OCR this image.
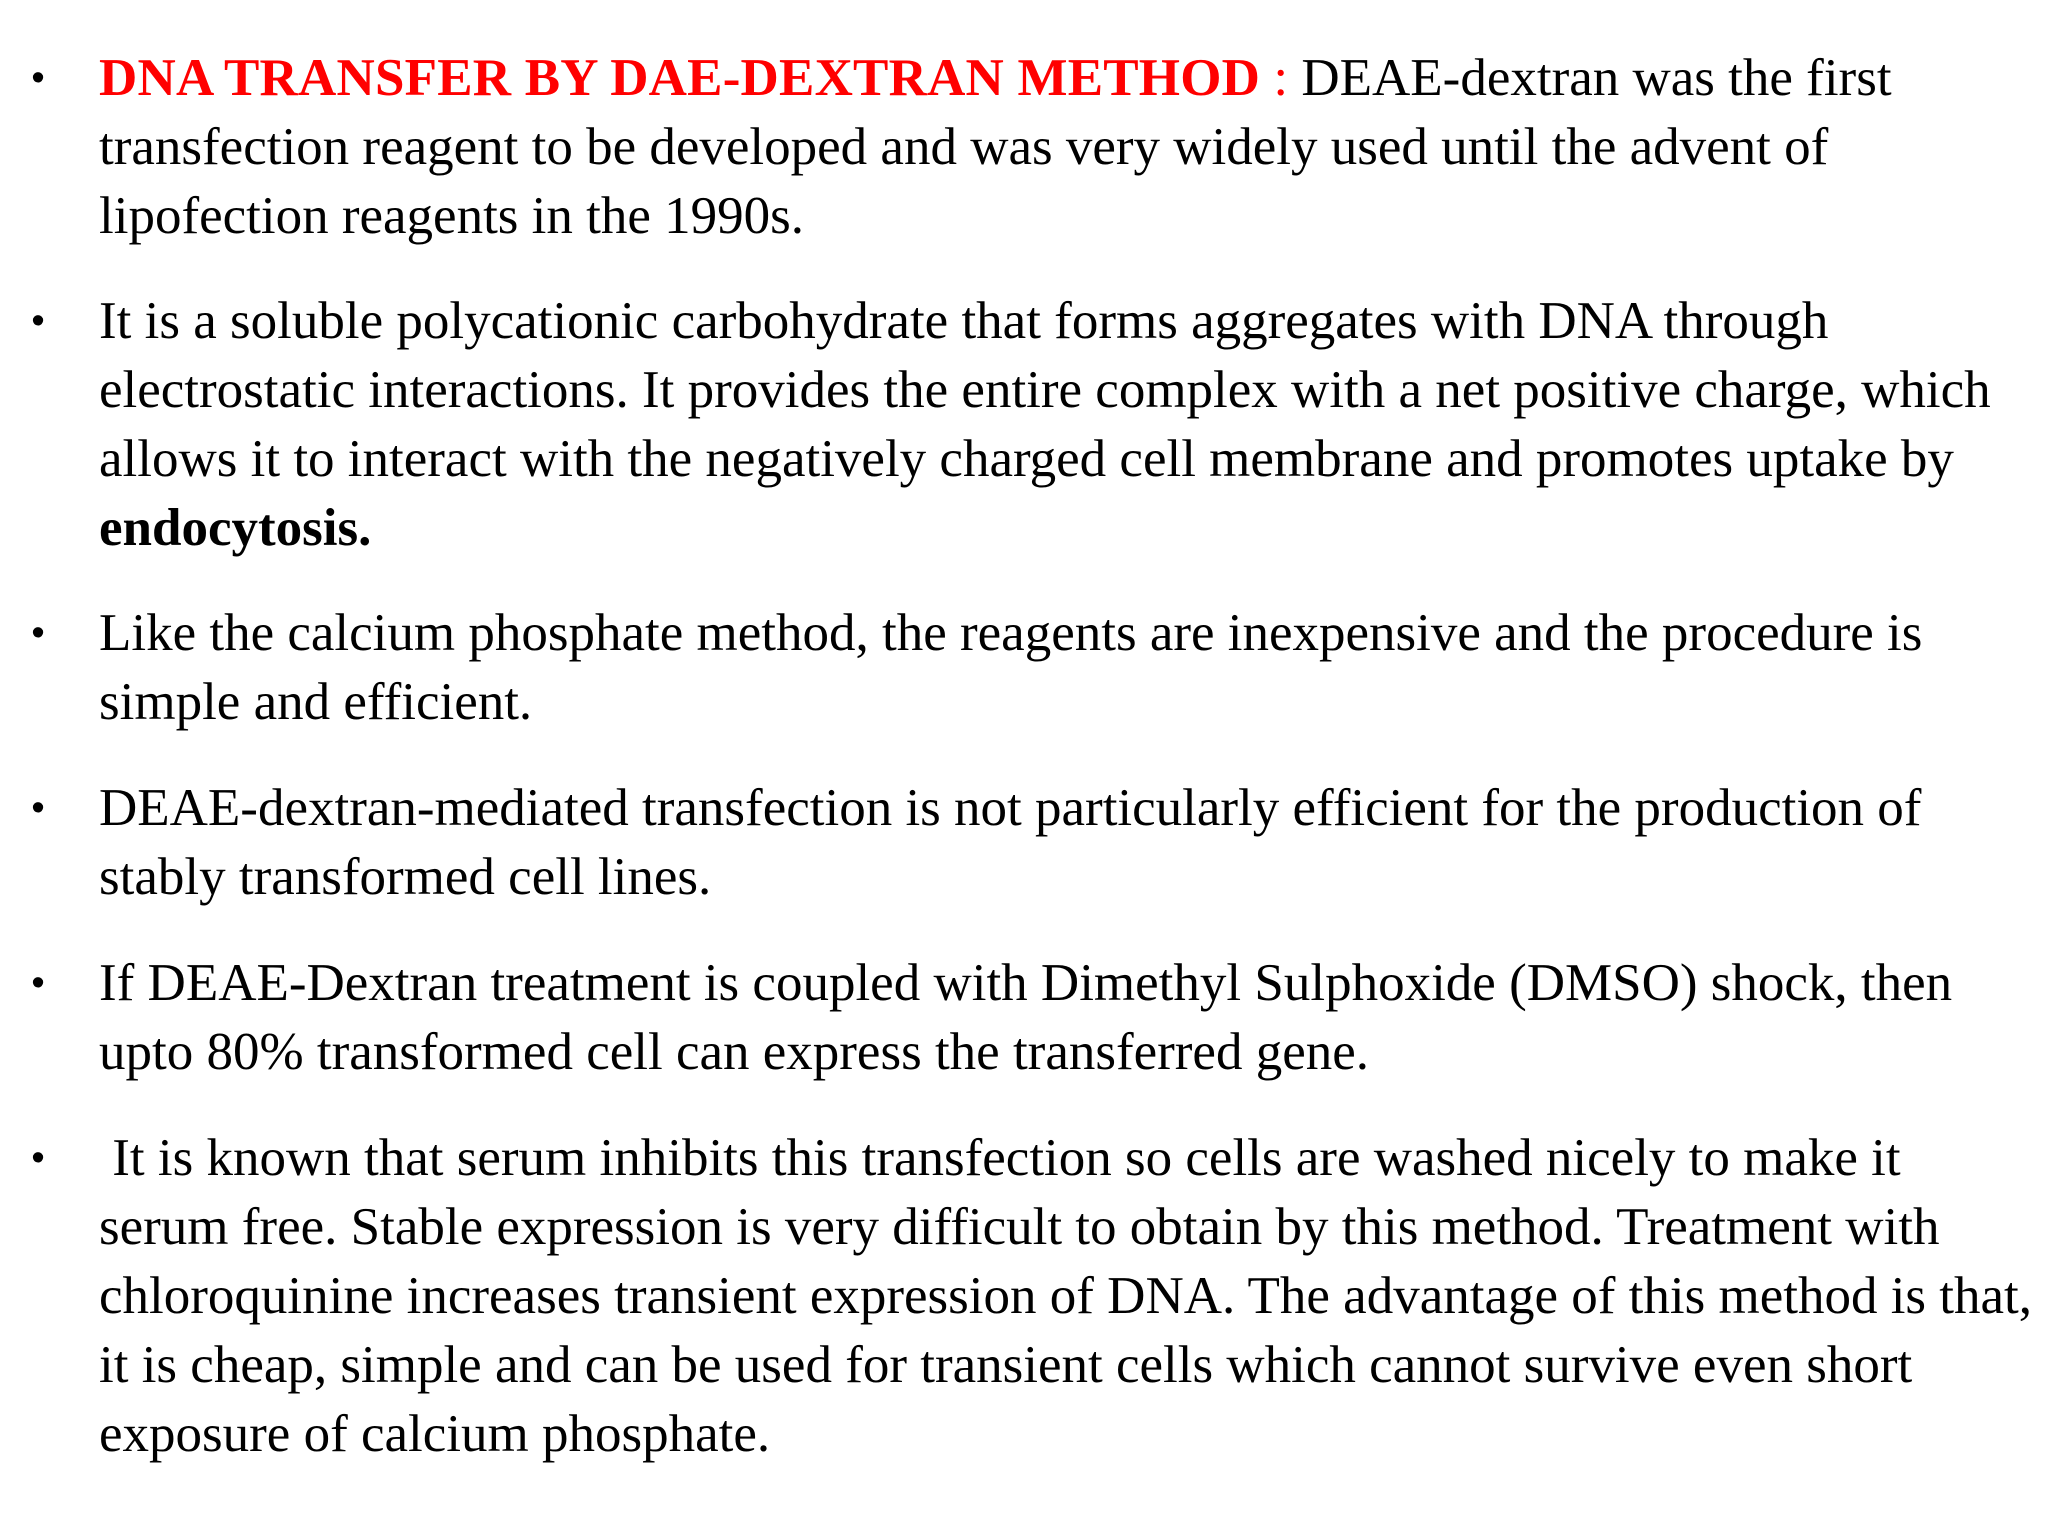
• DNA TRANSFER BY DAE-DEXTRAN METHOD : DEAE-dextran was the first transfection reagent to be developed and was very widely used until the advent of lipofection reagents in the 1990s.
• It is a soluble polycationic carbohydrate that forms aggregates with DNA through electrostatic interactions. It provides the entire complex with a net positive charge, which allows it to interact with the negatively charged cell membrane and promotes uptake by endocytosis.
• Like the calcium phosphate method, the reagents are inexpensive and the procedure is simple and efficient.
• DEAE-dextran-mediated transfection is not particularly efficient for the production of stably transformed cell lines.
• If DEAE-Dextran treatment is coupled with Dimethyl Sulphoxide (DMSO) shock, then upto 80% transformed cell can express the transferred gene.
• It is known that serum inhibits this transfection so cells are washed nicely to make it serum free. Stable expression is very difficult to obtain by this method. Treatment with chloroquinine increases transient expression of DNA. The advantage of this method is that, it is cheap, simple and can be used for transient cells which cannot survive even short exposure of calcium phosphate.
